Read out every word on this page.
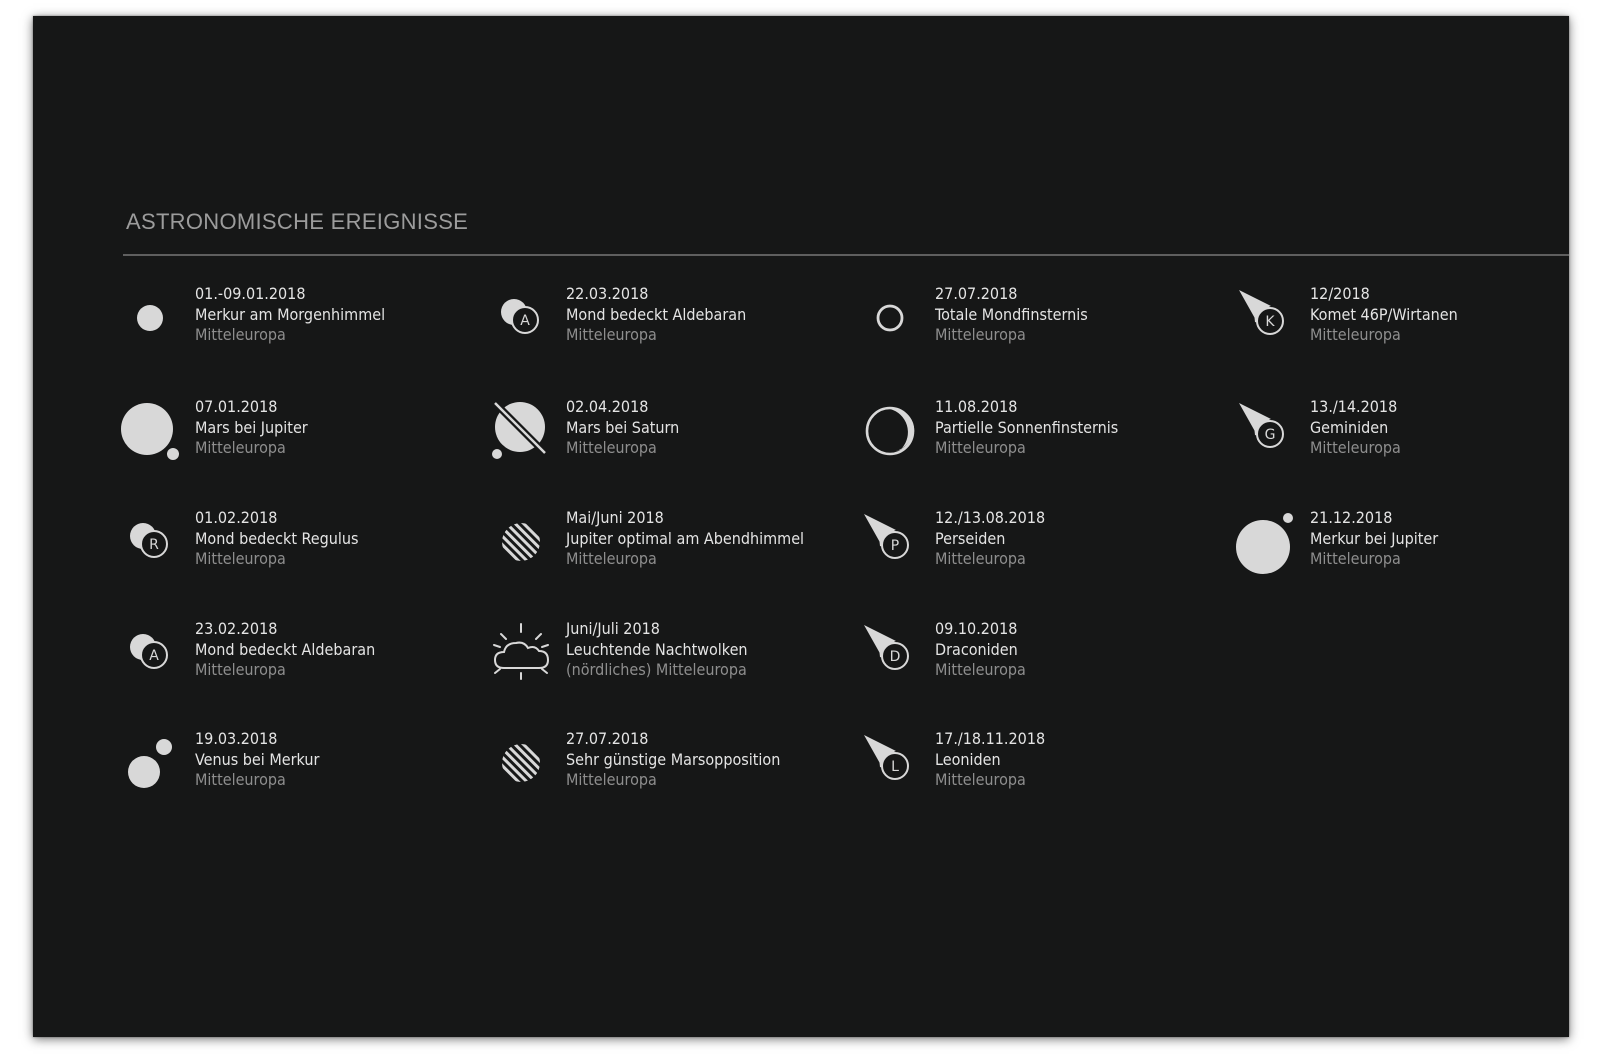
ASTRONOMISCHE EREIGNISSE
01.-09.01.2018
Merkur am Morgenhimmel
Mitteleuropa
07.01.2018
Mars bei Jupiter
Mitteleuropa
R
01.02.2018
Mond bedeckt Regulus
Mitteleuropa
A
23.02.2018
Mond bedeckt Aldebaran
Mitteleuropa
19.03.2018
Venus bei Merkur
Mitteleuropa
A
22.03.2018
Mond bedeckt Aldebaran
Mitteleuropa
02.04.2018
Mars bei Saturn
Mitteleuropa
Mai/Juni 2018
Jupiter optimal am Abendhimmel
Mitteleuropa
Juni/Juli 2018
Leuchtende Nachtwolken
(nördliches) Mitteleuropa
27.07.2018
Sehr günstige Marsopposition
Mitteleuropa
27.07.2018
Totale Mondfinsternis
Mitteleuropa
11.08.2018
Partielle Sonnenfinsternis
Mitteleuropa
P
12./13.08.2018
Perseiden
Mitteleuropa
D
09.10.2018
Draconiden
Mitteleuropa
L
17./18.11.2018
Leoniden
Mitteleuropa
K
12/2018
Komet 46P/Wirtanen
Mitteleuropa
G
13./14.2018
Geminiden
Mitteleuropa
21.12.2018
Merkur bei Jupiter
Mitteleuropa
